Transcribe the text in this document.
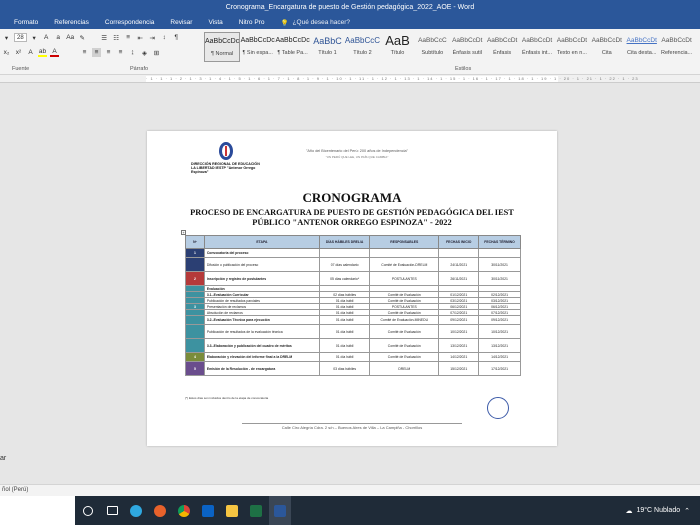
Cronograma_Encargatura de puesto de Gestión pedagógica_2022_AOE - Word
Formato Referencias Correspondencia Revisar Vista Nitro Pro 💡 ¿Qué desea hacer?
▾	28	▾	A	a Aa ✎	☰ ☷	≡	⇤ ⇥	↕	¶
x₂ x²	A ab A	≡	≡	≡	≡	↨	◈	⊞
Fuente	Párrafo	Estilos
AaBbCcDc
¶ Normal
AaBbCcDc
¶ Sin espa...
AaBbCcDc
¶ Table Pa...
AaBbC
Título 1
AaBbCcC
Título 2
AaB
Título
AaBbCcC
Subtítulo
AaBbCcDt
Énfasis sutil
AaBbCcDt
Énfasis
AaBbCcDt
Énfasis int...
AaBbCcDt
Texto en n...
AaBbCcDt
Cita
AaBbCcDt
Cita desta...
AaBbCcDt
Referencia...
· 1 · 1 · 1 · 2 · 1 · 3 · 1 · 4 · 1 · 5 · 1 · 6 · 1 · 7 · 1 · 8 · 1 · 9 · 1 · 10 · 1 · 11 · 1 · 12 · 1 · 13 · 1 · 14 · 1 · 15 · 1 · 16 · 1 · 17 · 1 · 18 · 1 · 19 · 1 · 20 · 1 · 21 · 1 · 22 · 1 · 23
DIRECCIÓN REGIONAL DE EDUCACIÓN LA LIBERTAD IESTP "Antenor Orrego Espinoza"
"Año del Bicentenario del Perú: 200 años de Independencia"
"UN PERÚ QUE LEE, UN PAÍS QUE CAMBIA"
CRONOGRAMA
PROCESO DE ENCARGATURA DE PUESTO DE GESTIÓN PEDAGÓGICA DEL IEST
PÚBLICO "ANTENOR ORREGO ESPINOZA" - 2022
+
Nº	ETAPA	DÍAS HÁBILES DREL/A	RESPONSABLES	FECHAS INICIO	FECHAS TÉRMINO
1	Convocatoria del proceso				
	Difusión o publicación del proceso	07 días calendario	Comité de Evaluación-DRELM	24/11/2021	30/11/2021
2	Inscripción y registro de postulantes	05 días calendario*	POSTULANTES	26/11/2021	30/11/2021
	Evaluación				
	3.1.-Evaluación Curricular	02 días hábiles	Comité de Evaluación	01/12/2021	02/12/2021
	Publicación de resultados parciales	01 día hábil	Comité de Evaluación	03/12/2021	03/12/2021
3	Presentación de reclamos	01 día hábil	POSTULANTES	06/12/2021	06/12/2021
	Absolución de reclamos	01 día hábil	Comité de Evaluación	07/12/2021	07/12/2021
	3.2.-Evaluación Técnica para ejecución	01 día hábil	Comité de Evaluación-MINEDU	09/12/2021	09/12/2021
	Publicación de resultados de la evaluación técnica	01 día hábil	Comité de Evaluación	10/12/2021	10/12/2021
	3.3.-Elaboración y publicación del cuadro de méritos	01 día hábil	Comité de Evaluación	13/12/2021	13/12/2021
4	Elaboración y elevación del informe final a la DRELM	01 día hábil	Comité de Evaluación	14/12/2021	14/12/2021
5	Emisión de la Resolución - de encargatura	03 días hábiles	DRELM	15/12/2021	17/12/2021
(*) Estos días son incluidos dentro de la etapa de convocatoria
Calle Ciro Alegría Cdra. 2 s/n – Buenos Aires de Villa – La Campiña - Chorrillos
ar
ñol (Perú)
☁ 19°C Nublado ⌃
